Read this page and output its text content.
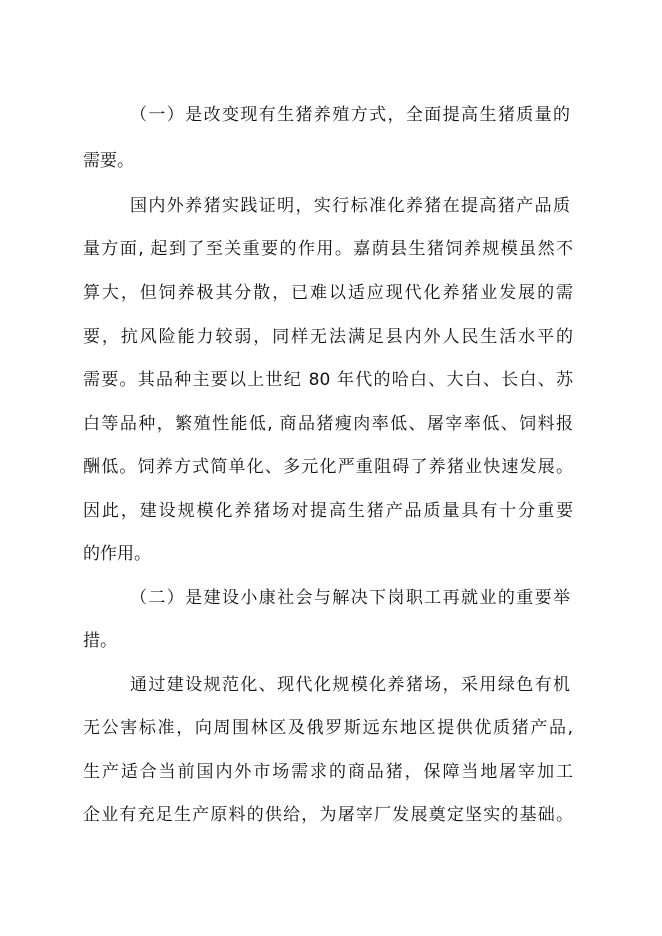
（一）是改变现有生猪养殖方式，全面提高生猪质量的
需要。
国内外养猪实践证明，实行标准化养猪在提高猪产品质
量方面, 起到了至关重要的作用。嘉荫县生猪饲养规模虽然不
算大，但饲养极其分散，已难以适应现代化养猪业发展的需
要，抗风险能力较弱，同样无法满足县内外人民生活水平的
需要。其品种主要以上世纪 80 年代的哈白、大白、长白、苏
白等品种，繁殖性能低, 商品猪瘦肉率低、屠宰率低、饲料报
酬低。饲养方式简单化、多元化严重阻碍了养猪业快速发展。
因此，建设规模化养猪场对提高生猪产品质量具有十分重要
的作用。
（二）是建设小康社会与解决下岗职工再就业的重要举
措。
通过建设规范化、现代化规模化养猪场，采用绿色有机
无公害标准，向周围林区及俄罗斯远东地区提供优质猪产品,
生产适合当前国内外市场需求的商品猪，保障当地屠宰加工
企业有充足生产原料的供给，为屠宰厂发展奠定坚实的基础。
